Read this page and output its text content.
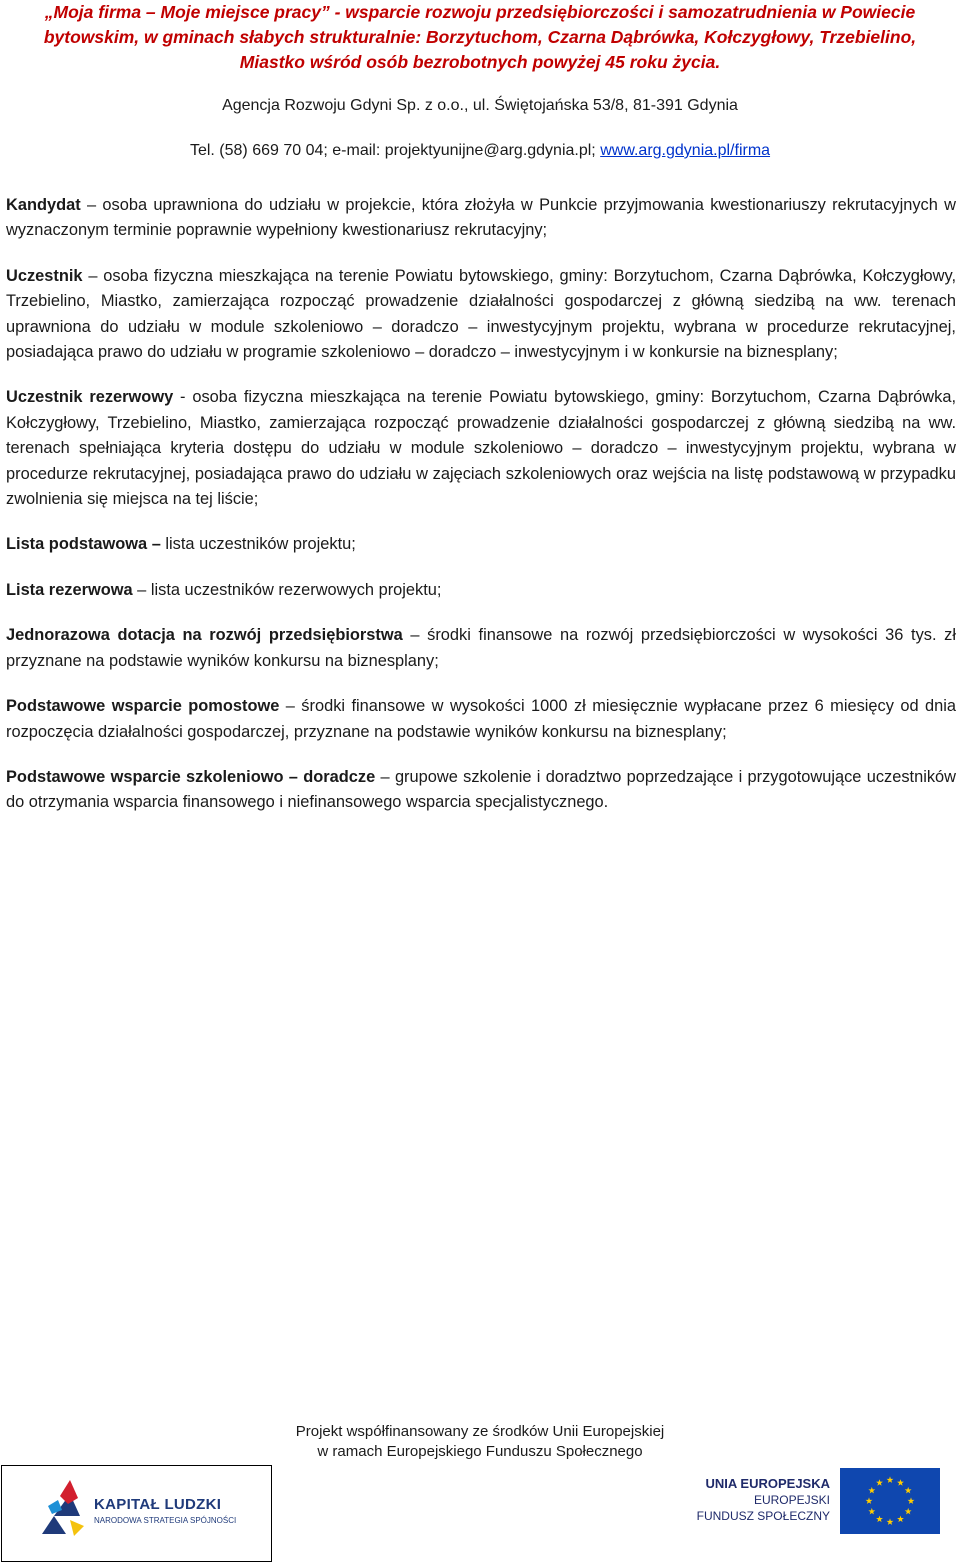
„Moja firma – Moje miejsce pracy” - wsparcie rozwoju przedsiębiorczości i samozatrudnienia w Powiecie
bytowskim, w gminach słabych strukturalnie: Borzytuchom, Czarna Dąbrówka, Kołczygłowy, Trzebielino,
Miastko wśród osób bezrobotnych powyżej 45 roku życia.
Agencja Rozwoju Gdyni Sp. z o.o., ul. Świętojańska 53/8, 81-391 Gdynia
Tel. (58) 669 70 04; e-mail: projektyunijne@arg.gdynia.pl; www.arg.gdynia.pl/firma

Kandydat – osoba uprawniona do udziału w projekcie, która złożyła w Punkcie przyjmowania kwestionariuszy rekrutacyjnych w wyznaczonym terminie poprawnie wypełniony kwestionariusz rekrutacyjny;

Uczestnik – osoba fizyczna mieszkająca na terenie Powiatu bytowskiego, gminy: Borzytuchom, Czarna Dąbrówka, Kołczygłowy, Trzebielino, Miastko, zamierzająca rozpocząć prowadzenie działalności gospodarczej z główną siedzibą na ww. terenach uprawniona do udziału w module szkoleniowo – doradczo – inwestycyjnym projektu, wybrana w procedurze rekrutacyjnej, posiadająca prawo do udziału w programie szkoleniowo – doradczo – inwestycyjnym i w konkursie na biznesplany;

Uczestnik rezerwowy - osoba fizyczna mieszkająca na terenie Powiatu bytowskiego, gminy: Borzytuchom, Czarna Dąbrówka, Kołczygłowy, Trzebielino, Miastko, zamierzająca rozpocząć prowadzenie działalności gospodarczej z główną siedzibą na ww. terenach spełniająca kryteria dostępu do udziału w module szkoleniowo – doradczo – inwestycyjnym projektu, wybrana w procedurze rekrutacyjnej, posiadająca prawo do udziału w zajęciach szkoleniowych oraz wejścia na listę podstawową w przypadku zwolnienia się miejsca na tej liście;

Lista podstawowa – lista uczestników projektu;

Lista rezerwowa – lista uczestników rezerwowych projektu;

Jednorazowa dotacja na rozwój przedsiębiorstwa – środki finansowe na rozwój przedsiębiorczości w wysokości 36 tys. zł przyznane na podstawie wyników konkursu na biznesplany;

Podstawowe wsparcie pomostowe – środki finansowe w wysokości 1000 zł miesięcznie wypłacane przez 6 miesięcy od dnia rozpoczęcia działalności gospodarczej, przyznane na podstawie wyników konkursu na biznesplany;

Podstawowe wsparcie szkoleniowo – doradcze – grupowe szkolenie i doradztwo poprzedzające i przygotowujące uczestników do otrzymania wsparcia finansowego i niefinansowego wsparcia specjalistycznego.

Projekt współfinansowany ze środków Unii Europejskiej
w ramach Europejskiego Funduszu Społecznego
KAPITAŁ LUDZKI
NARODOWA STRATEGIA SPÓJNOŚCI
UNIA EUROPEJSKA
EUROPEJSKI
FUNDUSZ SPOŁECZNY
